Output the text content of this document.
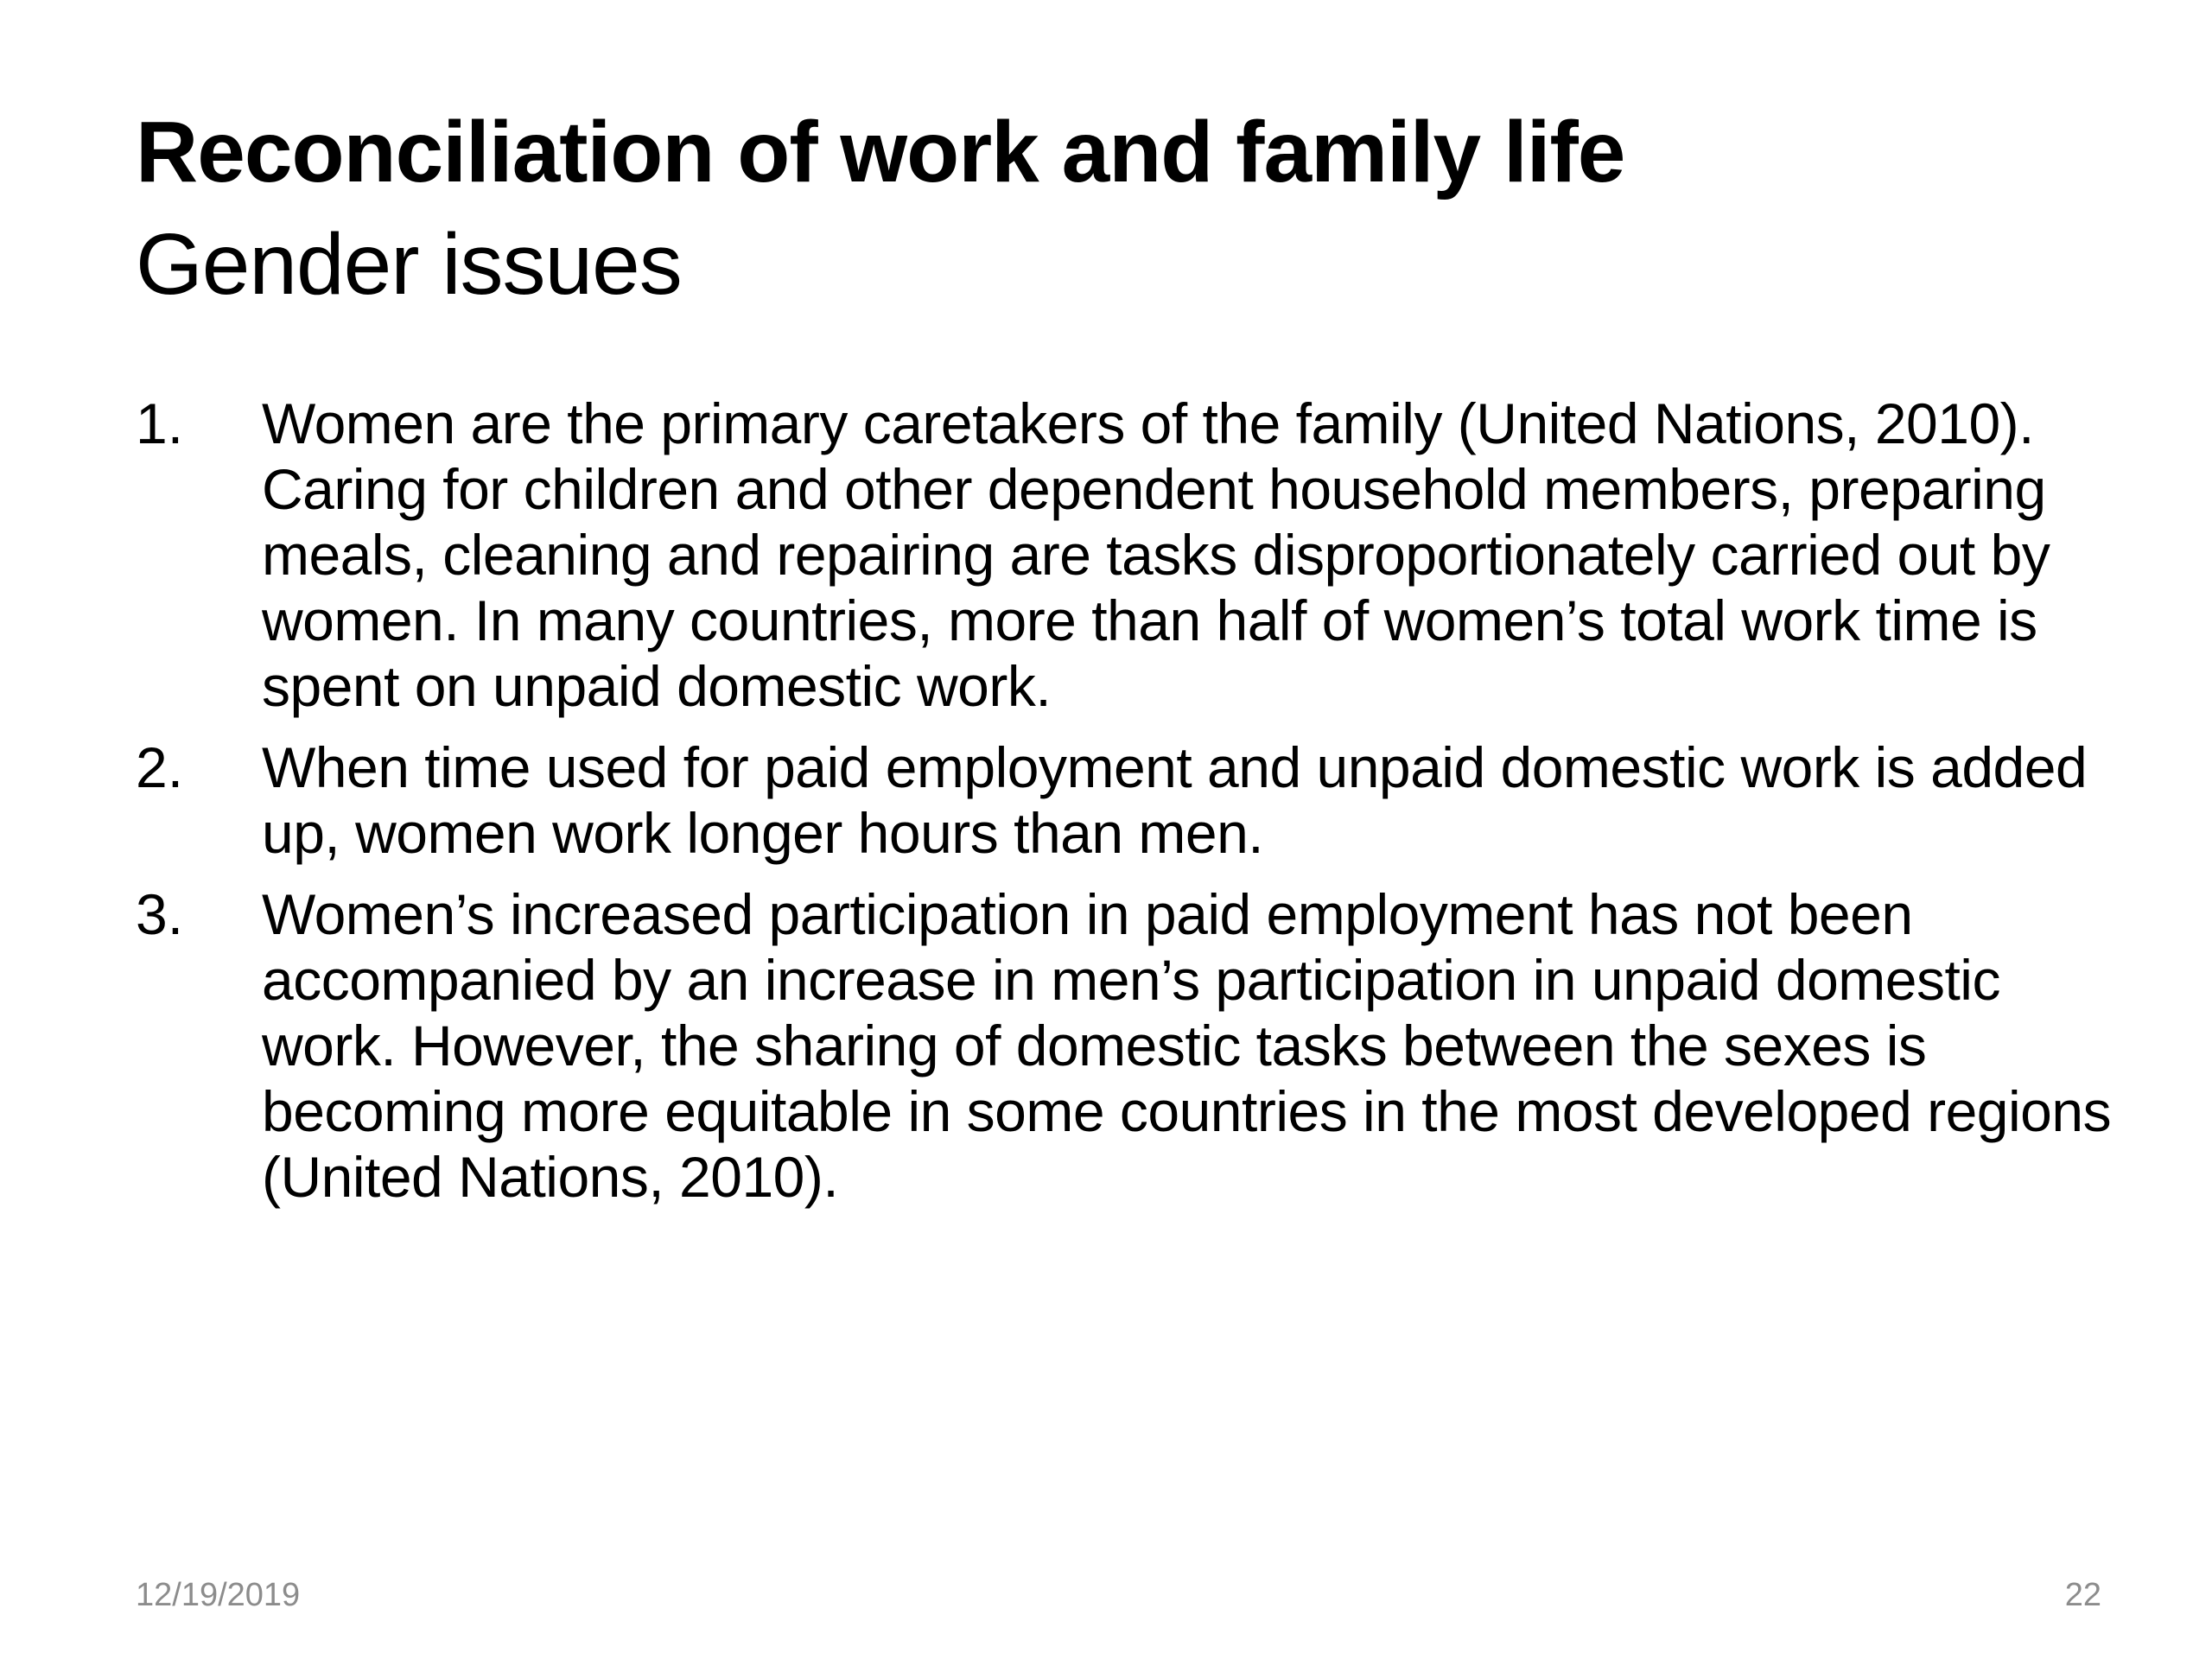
Reconciliation of work and family life
Gender issues
1.	Women are the primary caretakers of the family (United Nations, 2010). Caring for children and other dependent household members, preparing meals, cleaning and repairing are tasks disproportionately carried out by women. In many countries, more than half of women’s total work time is spent on unpaid domestic work.
2.	When time used for paid employment and unpaid domestic work is added up, women work longer hours than men.
3.	Women’s increased participation in paid employment has not been accompanied by an increase in men’s participation in unpaid domestic work. However, the sharing of domestic tasks between the sexes is becoming more equitable in some countries in the most developed regions (United Nations, 2010).
12/19/2019	22
